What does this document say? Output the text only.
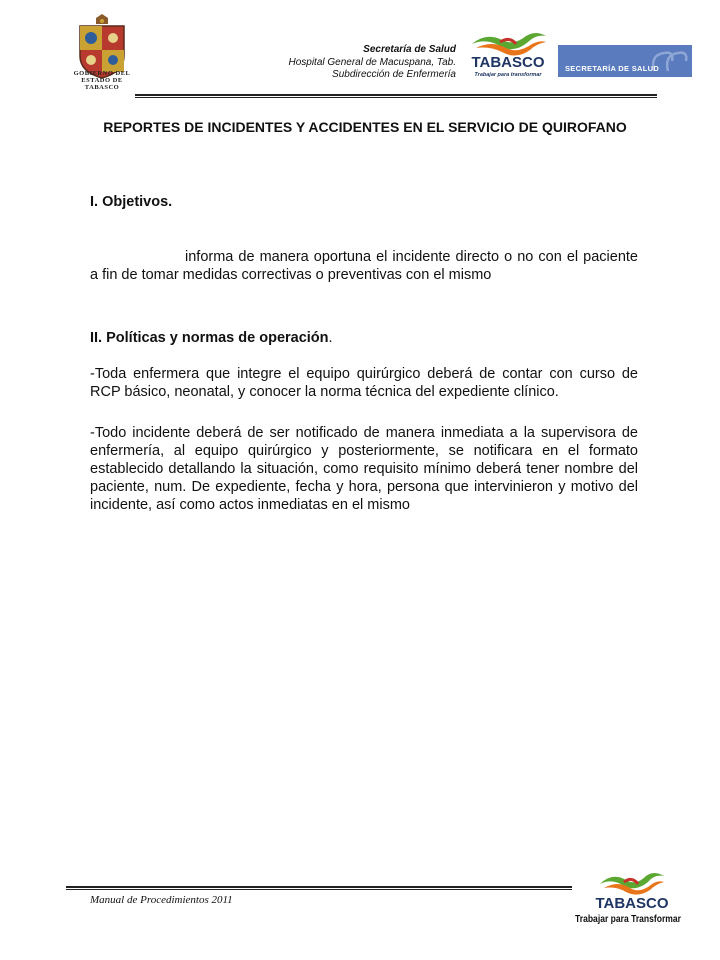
GOBIERNO DEL
ESTADO DE
TABASCO
Secretaría de Salud
Hospital General de Macuspana, Tab.
Subdirección de Enfermería
TABASCO
Trabajar para transformar
SECRETARÍA DE SALUD
REPORTES DE INCIDENTES Y ACCIDENTES EN EL SERVICIO DE QUIROFANO
I. Objetivos.
informa de manera oportuna el incidente directo o no con el paciente a fin de tomar medidas correctivas o preventivas con el mismo
II. Políticas y normas de operación.
-Toda enfermera que integre el equipo quirúrgico deberá de contar con curso de RCP básico, neonatal, y conocer la norma técnica del expediente clínico.
-Todo incidente deberá de ser notificado de manera inmediata a la supervisora de enfermería, al equipo quirúrgico y posteriormente, se notificara en el formato establecido detallando la situación, como requisito mínimo deberá tener nombre del paciente, num. De expediente, fecha y hora, persona que intervinieron y motivo del incidente, así como actos inmediatas en el mismo
Manual de Procedimientos 2011	TABASCO
Trabajar para Transformar
